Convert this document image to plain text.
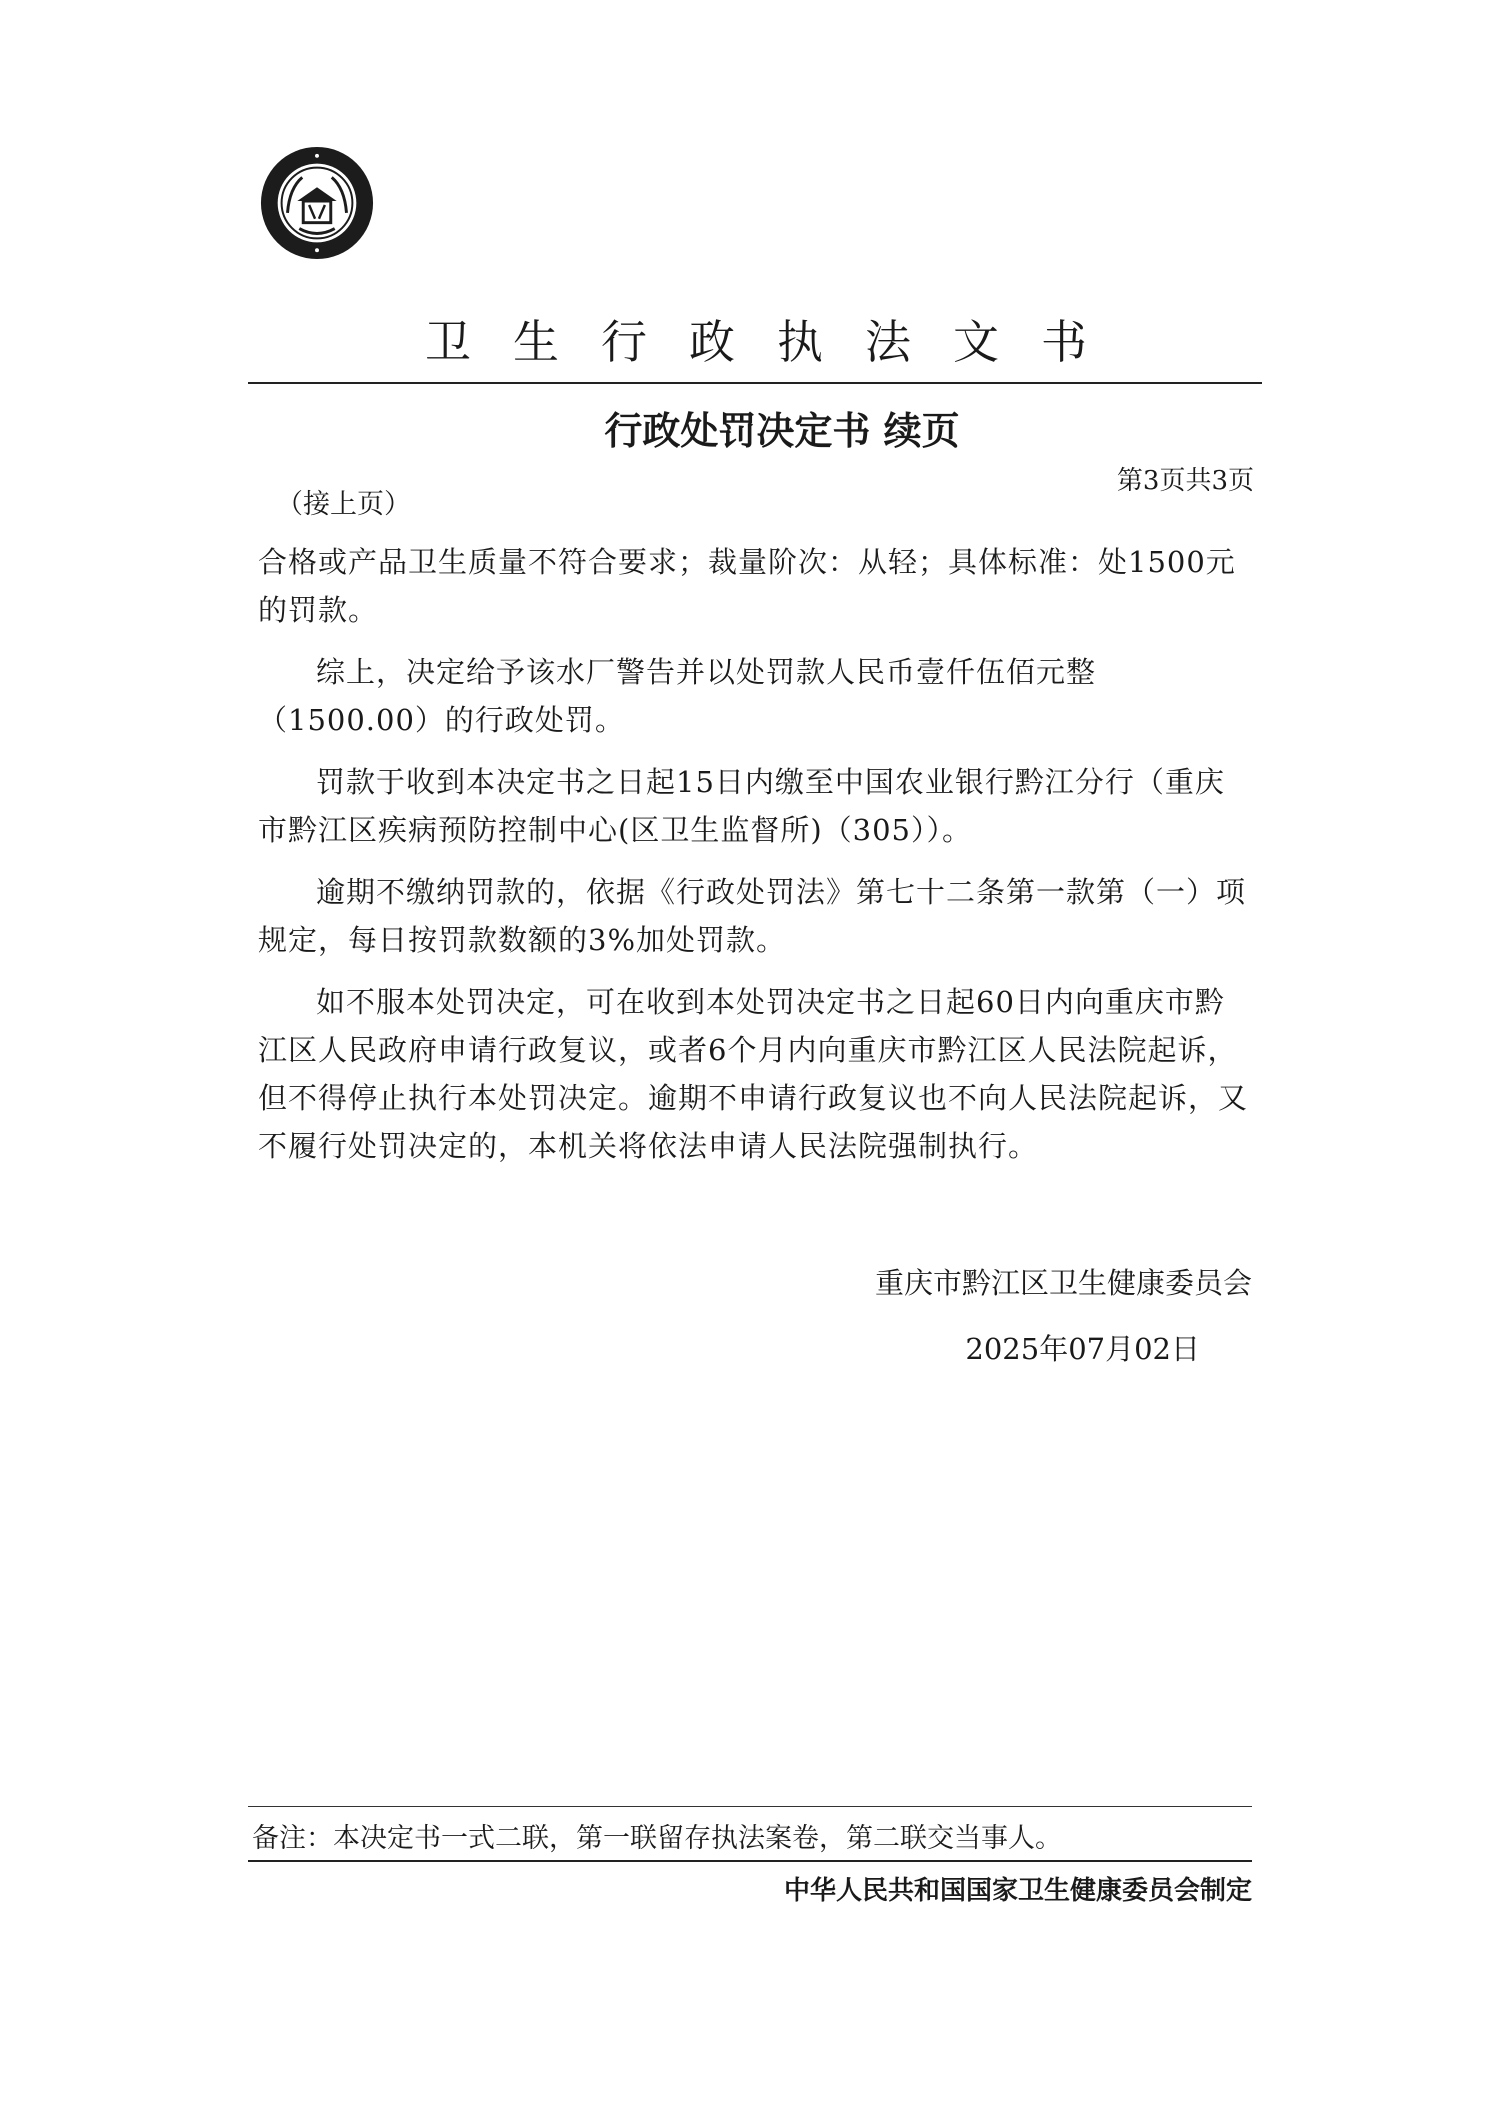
卫生行政执法文书
行政处罚决定书 续页
第3页共3页
（接上页）

合格或产品卫生质量不符合要求；裁量阶次：从轻；具体标准：处1500元的罚款。

综上，决定给予该水厂警告并以处罚款人民币壹仟伍佰元整（1500.00）的行政处罚。

罚款于收到本决定书之日起15日内缴至中国农业银行黔江分行（重庆市黔江区疾病预防控制中心(区卫生监督所)（305））。

逾期不缴纳罚款的，依据《行政处罚法》第七十二条第一款第（一）项规定，每日按罚款数额的3%加处罚款。

如不服本处罚决定，可在收到本处罚决定书之日起60日内向重庆市黔江区人民政府申请行政复议，或者6个月内向重庆市黔江区人民法院起诉，但不得停止执行本处罚决定。逾期不申请行政复议也不向人民法院起诉，又不履行处罚决定的，本机关将依法申请人民法院强制执行。

重庆市黔江区卫生健康委员会
2025年07月02日
备注：本决定书一式二联，第一联留存执法案卷，第二联交当事人。
中华人民共和国国家卫生健康委员会制定
